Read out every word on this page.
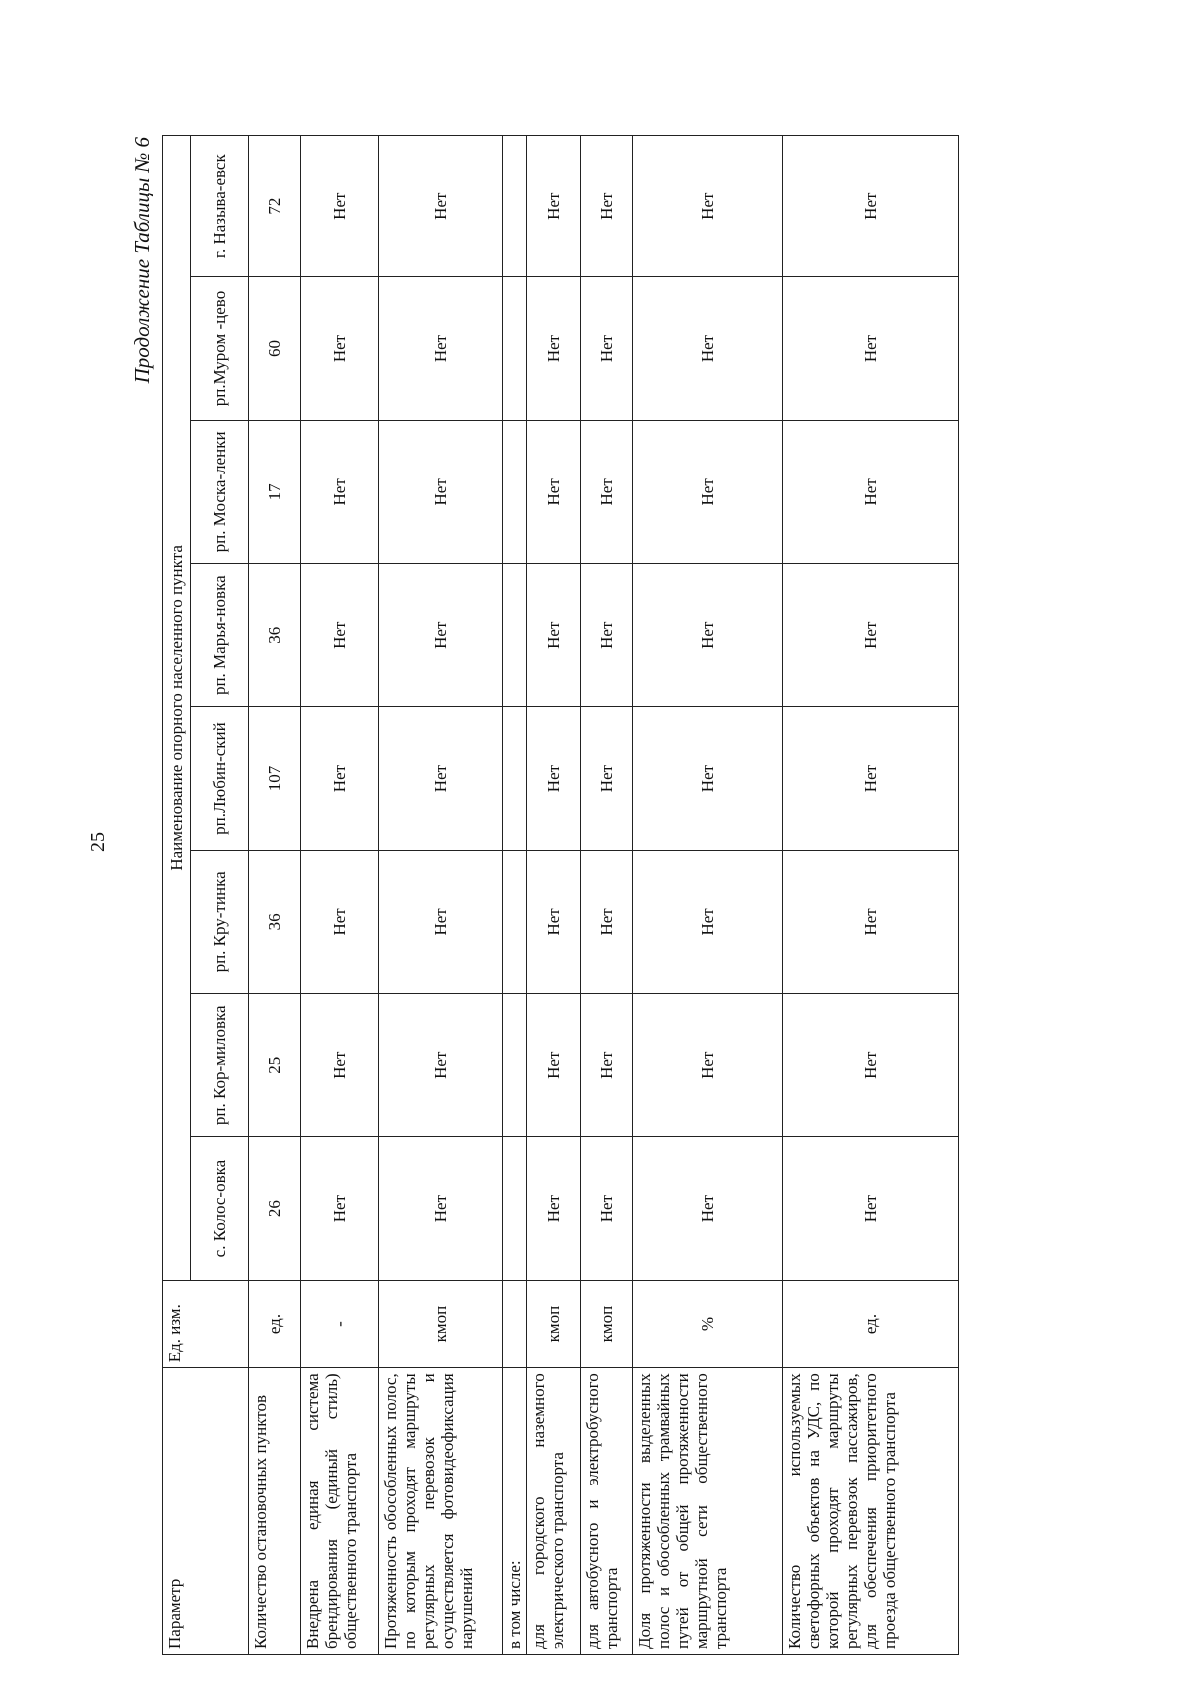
25
Продолжение Таблицы № 6
Параметр	Ед. изм.	Наименование опорного населенного пункта							
		с. Колос-овка	рп. Кор-миловка	рп. Кру-тинка	рп.Любин-ский	рп. Марья-новка	рп. Моска-ленки	рп.Муром -цево	г. Называ-евск
Количество остановочных пунктов	ед.	26	25	36	107	36	17	60	72
Внедрена единая система брендирования (единый стиль) общественного транспорта	-	Нет	Нет	Нет	Нет	Нет	Нет	Нет	Нет
Протяженность обособленных полос, по которым проходят маршруты регулярных перевозок и осуществляется фотовидеофиксация нарушений	кмоп	Нет	Нет	Нет	Нет	Нет	Нет	Нет	Нет
в том числе:									
для городского наземного электрического транспорта	кмоп	Нет	Нет	Нет	Нет	Нет	Нет	Нет	Нет
для автобусного и электробусного транспорта	кмоп	Нет	Нет	Нет	Нет	Нет	Нет	Нет	Нет
Доля протяженности выделенных полос и обособленных трамвайных путей от общей протяженности маршрутной сети общественного транспорта	%	Нет	Нет	Нет	Нет	Нет	Нет	Нет	Нет
Количество используемых светофорных объектов на УДС, по которой проходят маршруты регулярных перевозок пассажиров, для обеспечения приоритетного проезда общественного транспорта	ед.	Нет	Нет	Нет	Нет	Нет	Нет	Нет	Нет
